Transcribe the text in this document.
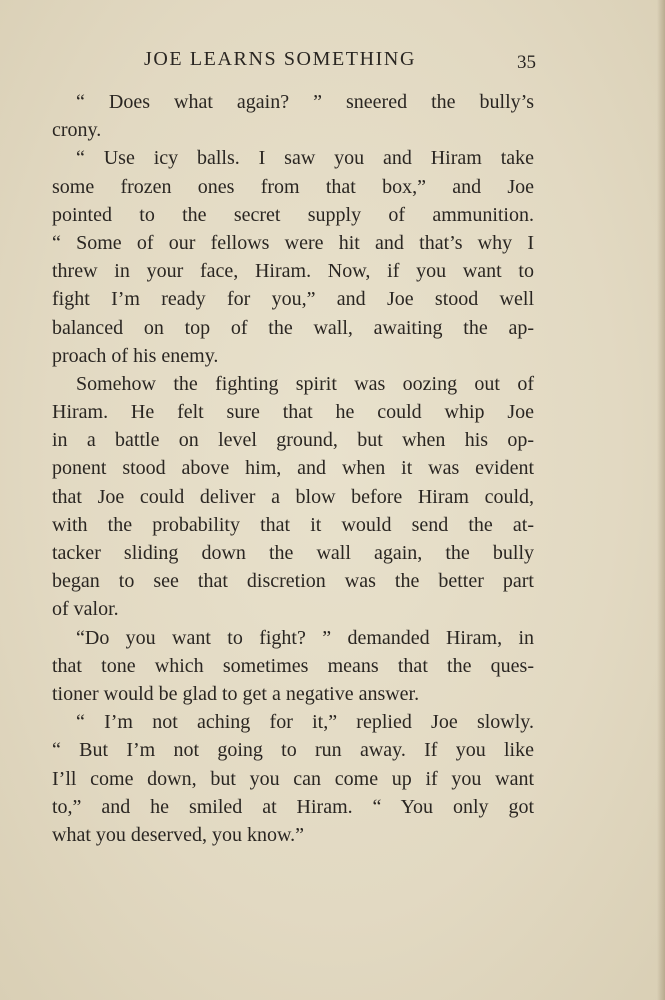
JOE LEARNS SOMETHING	35
“ Does what again? ” sneered the bully’s
crony.
“ Use icy balls. I saw you and Hiram take
some frozen ones from that box,” and Joe
pointed to the secret supply of ammunition.
“ Some of our fellows were hit and that’s why I
threw in your face, Hiram. Now, if you want to
fight I’m ready for you,” and Joe stood well
balanced on top of the wall, awaiting the ap-
proach of his enemy.
Somehow the fighting spirit was oozing out of
Hiram. He felt sure that he could whip Joe
in a battle on level ground, but when his op-
ponent stood above him, and when it was evident
that Joe could deliver a blow before Hiram could,
with the probability that it would send the at-
tacker sliding down the wall again, the bully
began to see that discretion was the better part
of valor.
“Do you want to fight? ” demanded Hiram, in
that tone which sometimes means that the ques-
tioner would be glad to get a negative answer.
“ I’m not aching for it,” replied Joe slowly.
“ But I’m not going to run away. If you like
I’ll come down, but you can come up if you want
to,” and he smiled at Hiram. “ You only got
what you deserved, you know.”
